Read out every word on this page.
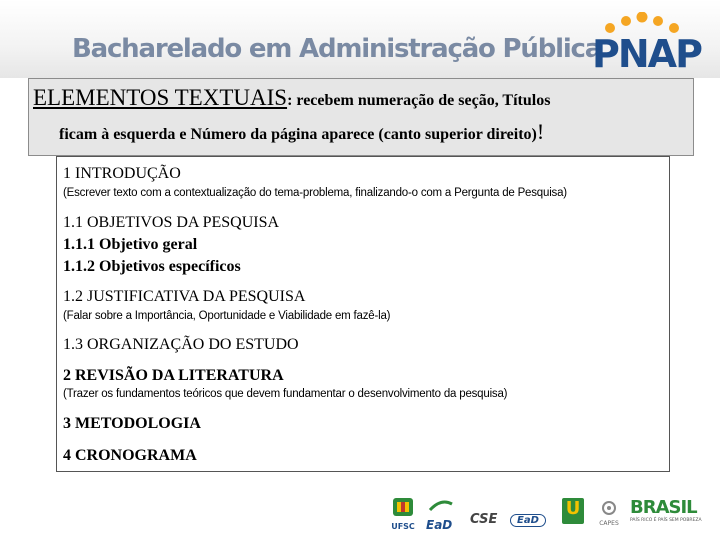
Bacharelado em Administração Pública
PNAP
ELEMENTOS TEXTUAIS: recebem numeração de seção, Títulos
ficam à esquerda e Número da página aparece (canto superior direito)!
1 INTRODUÇÃO
(Escrever texto com a contextualização do tema-problema, finalizando-o com a Pergunta de Pesquisa)
1.1 OBJETIVOS DA PESQUISA
1.1.1 Objetivo geral
1.1.2 Objetivos específicos
1.2 JUSTIFICATIVA DA PESQUISA
(Falar sobre a Importância, Oportunidade e Viabilidade em fazê-la)
1.3 ORGANIZAÇÃO DO ESTUDO
2 REVISÃO DA LITERATURA
(Trazer os fundamentos teóricos que devem fundamentar o desenvolvimento da pesquisa)
3 METODOLOGIA
4 CRONOGRAMA
UFSC EaD	CSE	EaD
U
CAPES
BRASIL
PAÍS RICO É PAÍS SEM POBREZA
